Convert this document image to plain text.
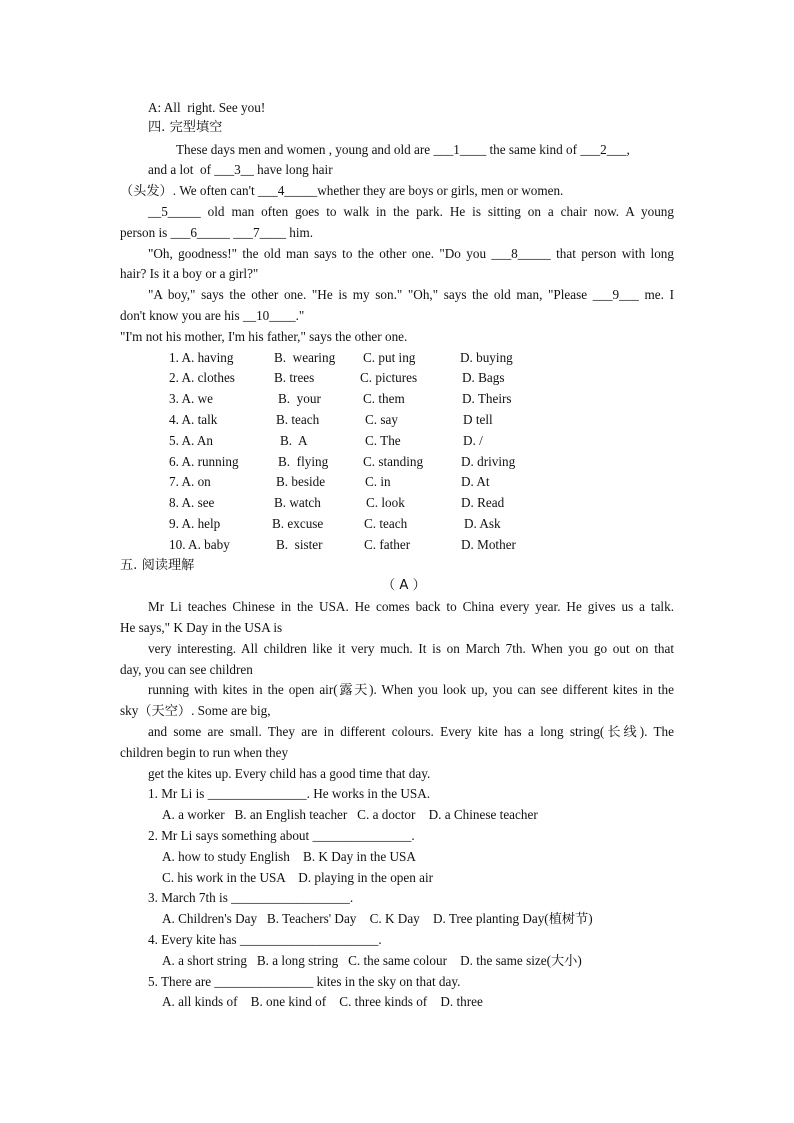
A: All  right. See you!
四. 完型填空
These days men and women , young and old are ___1____ the same kind of ___2___,
and a lot  of ___3__ have long hair
（头发）. We often can't ___4_____whether they are boys or girls, men or women.
__5_____ old man often goes to walk in the park. He is sitting on a chair now. A young
person is ___6_____ ___7____ him.
"Oh, goodness!" the old man says to the other one. "Do you ___8_____ that person with long
hair? Is it a boy or a girl?"
"A boy," says the other one. "He is my son." "Oh," says the old man, "Please ___9___ me. I
don't know you are his __10____."
"I'm not his mother, I'm his father," says the other one.
1. A. having	B.  wearing C. put ing	D. buying
2. A. clothes	B. trees	C. pictures	D. Bags
3. A. we	B.  your	C. them	D. Theirs
4. A. talk	B. teach	C. say	D tell
5. A. An	B.  A	C. The	D. /
6. A. running	B.  flying	C. standing	D. driving
7. A. on	B. beside	C. in	D. At
8. A. see	B. watch	C. look	D. Read
9. A. help	B. excuse	C. teach	D. Ask
10. A. baby	B.  sister	C. father	D. Mother
五. 阅读理解
（ A ）
Mr Li teaches Chinese in the USA. He comes back to China every year. He gives us a talk.
He says," K Day in the USA is
very interesting. All children like it very much. It is on March 7th. When you go out on that
day, you can see children
running with kites in the open air(露天). When you look up, you can see different kites in the
sky（天空）. Some are big,
and some are small. They are in different colours. Every kite has a long string(长线). The
children begin to run when they
get the kites up. Every child has a good time that day.
1. Mr Li is _______________. He works in the USA.
A. a worker   B. an English teacher   C. a doctor    D. a Chinese teacher
2. Mr Li says something about _______________.
A. how to study English    B. K Day in the USA
C. his work in the USA    D. playing in the open air
3. March 7th is __________________.
A. Children's Day   B. Teachers' Day    C. K Day    D. Tree planting Day(植树节)
4. Every kite has _____________________.
A. a short string   B. a long string   C. the same colour    D. the same size(大小)
5. There are _______________ kites in the sky on that day.
A. all kinds of    B. one kind of    C. three kinds of    D. three
